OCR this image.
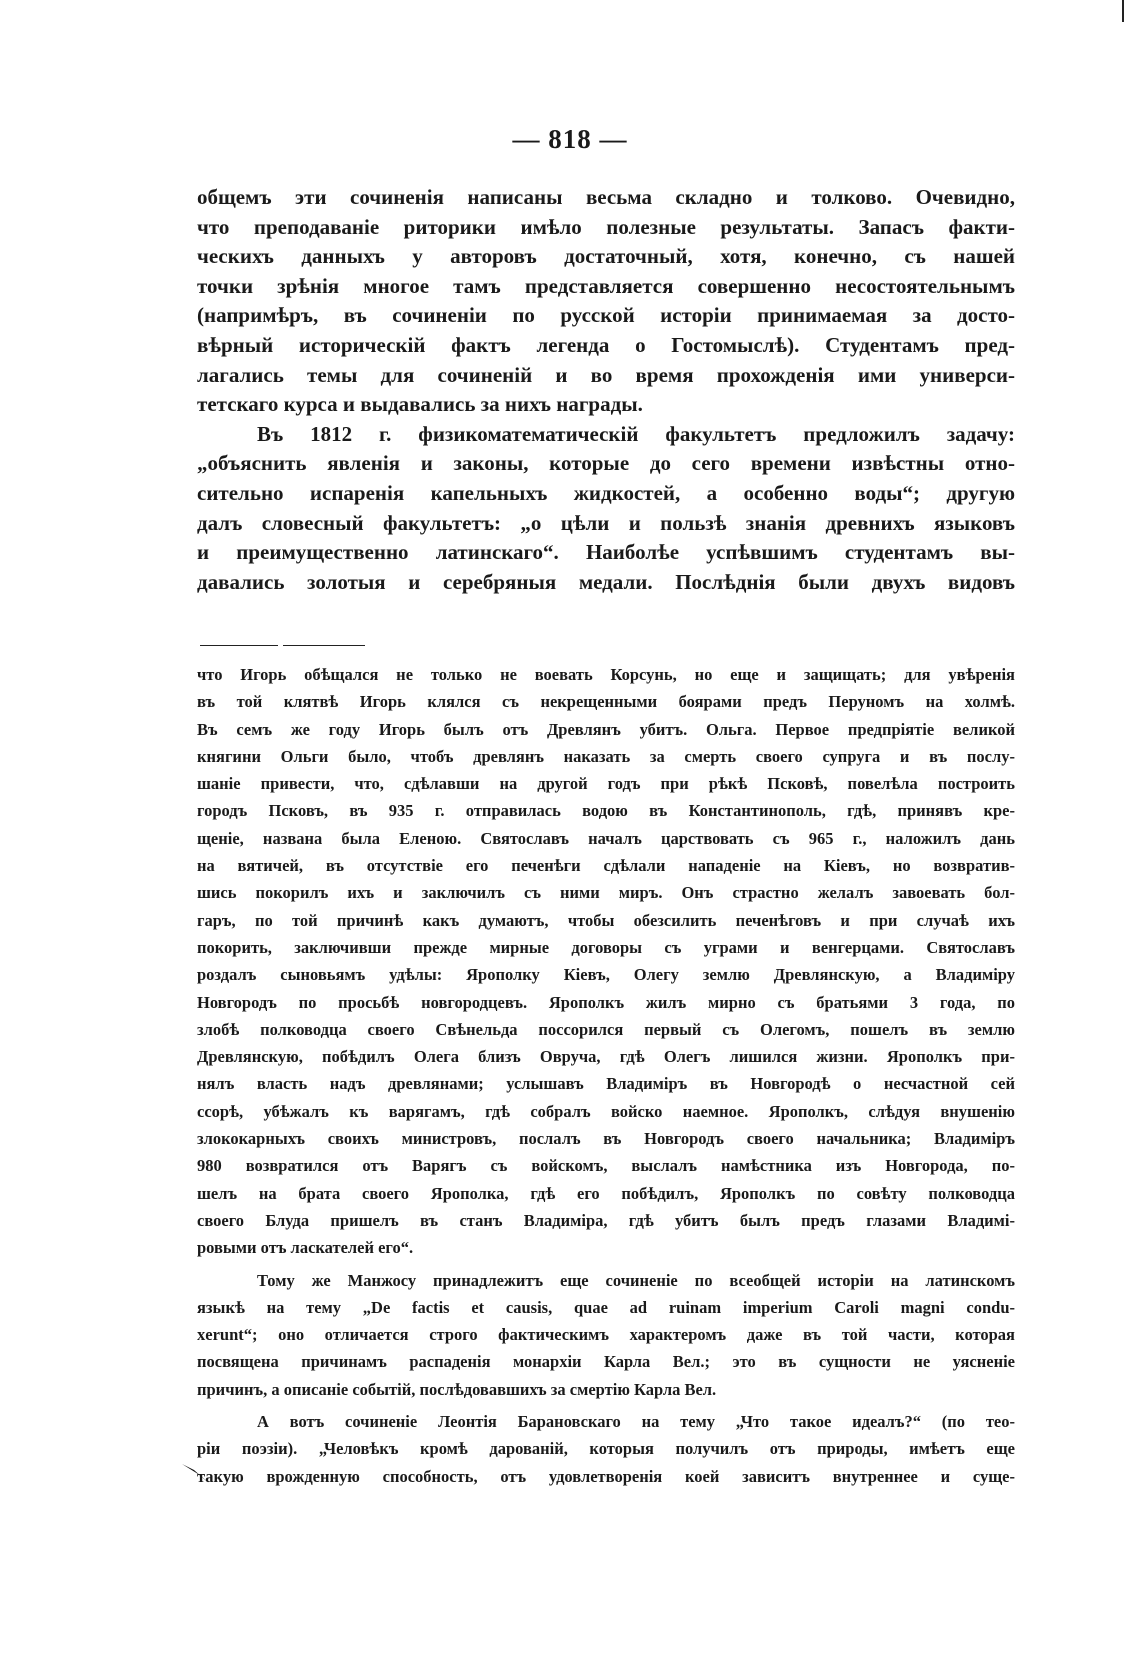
— 818 —
общемъ эти сочиненія написаны весьма складно и толково. Очевидно,
что преподаваніе риторики имѣло полезные результаты. Запасъ факти-
ческихъ данныхъ у авторовъ достаточный, хотя, конечно, съ нашей
точки зрѣнія многое тамъ представляется совершенно несостоятельнымъ
(напримѣръ, въ сочиненіи по русской исторіи принимаемая за досто-
вѣрный историческій фактъ легенда о Гостомыслѣ). Студентамъ пред-
лагались темы для сочиненій и во время прохожденія ими универси-
тетскаго курса и выдавались за нихъ награды.
Въ 1812 г. физикоматематическій факультетъ предложилъ задачу:
„объяснить явленія и законы, которые до сего времени извѣстны отно-
сительно испаренія капельныхъ жидкостей, а особенно воды“; другую
далъ словесный факультетъ: „о цѣли и пользѣ знанія древнихъ языковъ
и преимущественно латинскаго“. Наиболѣе успѣвшимъ студентамъ вы-
давались золотыя и серебряныя медали. Послѣднія были двухъ видовъ
что Игорь обѣщался не только не воевать Корсунь, но еще и защищать; для увѣренія
въ той клятвѣ Игорь клялся съ некрещенными боярами предъ Перуномъ на холмѣ.
Въ семъ же году Игорь былъ отъ Древлянъ убитъ. Ольга. Первое предпріятіе великой
княгини Ольги было, чтобъ древлянъ наказать за смерть своего супруга и въ послу-
шаніе привести, что, сдѣлавши на другой годъ при рѣкѣ Псковѣ, повелѣла построить
городъ Псковъ, въ 935 г. отправилась водою въ Константинополь, гдѣ, принявъ кре-
щеніе, названа была Еленою. Святославъ началъ царствовать съ 965 г., наложилъ дань
на вятичей, въ отсутствіе его печенѣги сдѣлали нападеніе на Кіевъ, но возвратив-
шись покорилъ ихъ и заключилъ съ ними миръ. Онъ страстно желалъ завоевать бол-
гаръ, по той причинѣ какъ думаютъ, чтобы обезсилить печенѣговъ и при случаѣ ихъ
покорить, заключивши прежде мирные договоры съ уграми и венгерцами. Святославъ
роздалъ сыновьямъ удѣлы: Ярополку Кіевъ, Олегу землю Древлянскую, а Владиміру
Новгородъ по просьбѣ новгородцевъ. Ярополкъ жилъ мирно съ братьями 3 года, по
злобѣ полководца своего Свѣнельда поссорился первый съ Олегомъ, пошелъ въ землю
Древлянскую, побѣдилъ Олега близъ Овруча, гдѣ Олегъ лишился жизни. Ярополкъ при-
нялъ власть надъ древлянами; услышавъ Владиміръ въ Новгородѣ о несчастной сей
ссорѣ, убѣжалъ къ варягамъ, гдѣ собралъ войско наемное. Ярополкъ, слѣдуя внушенію
злококарныхъ своихъ министровъ, послалъ въ Новгородъ своего начальника; Владиміръ
980 возвратился отъ Варягъ съ войскомъ, выслалъ намѣстника изъ Новгорода, по-
шелъ на брата своего Ярополка, гдѣ его побѣдилъ, Ярополкъ по совѣту полководца
своего Блуда пришелъ въ станъ Владиміра, гдѣ убитъ былъ предъ глазами Владимі-
ровыми отъ ласкателей его“.
Тому же Манжосу принадлежитъ еще сочиненіе по всеобщей исторіи на латинскомъ
языкѣ на тему „De factis et causis, quae ad ruinam imperium Caroli magni condu-
xerunt“; оно отличается строго фактическимъ характеромъ даже въ той части, которая
посвящена причинамъ распаденія монархіи Карла Вел.; это въ сущности не уясненіе
причинъ, а описаніе событій, послѣдовавшихъ за смертію Карла Вел.
А вотъ сочиненіе Леонтія Барановскаго на тему „Что такое идеалъ?“ (по тео-
ріи поэзіи). „Человѣкъ кромѣ дарованій, которыя получилъ отъ природы, имѣетъ еще
такую врожденную способность, отъ удовлетворенія коей зависитъ внутреннее и суще-
